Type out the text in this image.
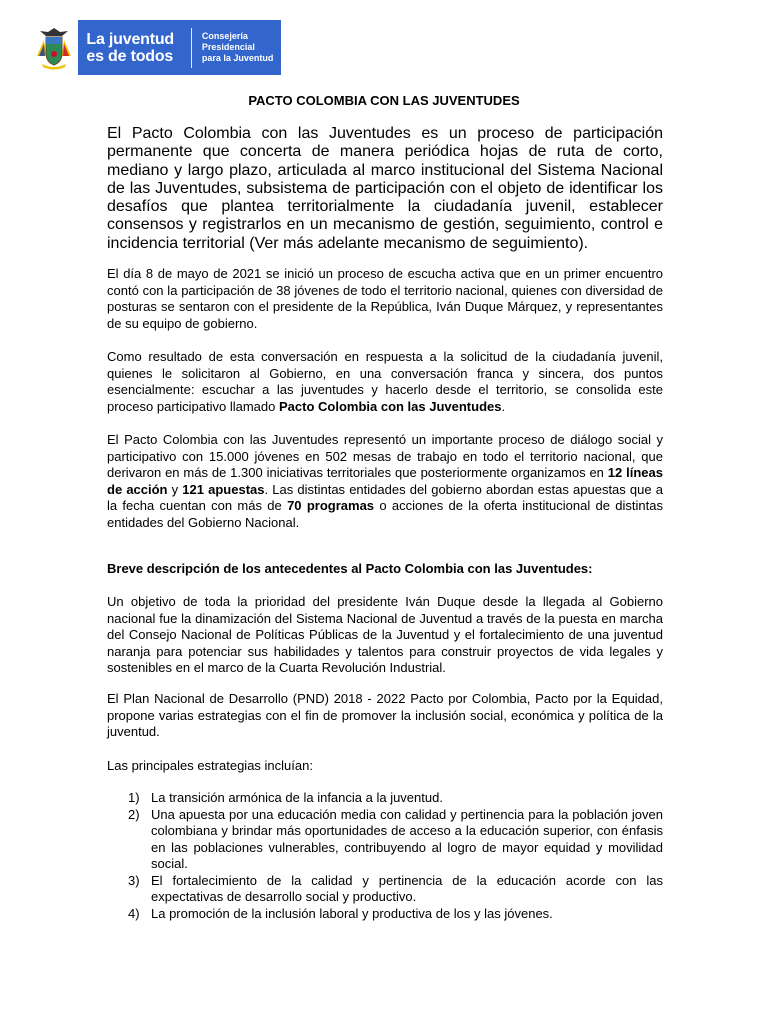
La juventud
es de todos
Consejería
Presidencial
para la Juventud
PACTO COLOMBIA CON LAS JUVENTUDES
El Pacto Colombia con las Juventudes es un proceso de participación permanente que concerta de manera periódica hojas de ruta de corto, mediano y largo plazo, articulada al marco institucional del Sistema Nacional de las Juventudes, subsistema de participación con el objeto de identificar los desafíos que plantea territorialmente la ciudadanía juvenil, establecer consensos y registrarlos en un mecanismo de gestión, seguimiento, control e incidencia territorial (Ver más adelante mecanismo de seguimiento).
El día 8 de mayo de 2021 se inició un proceso de escucha activa que en un primer encuentro contó con la participación de 38 jóvenes de todo el territorio nacional, quienes con diversidad de posturas se sentaron con el presidente de la República, Iván Duque Márquez, y representantes de su equipo de gobierno.
Como resultado de esta conversación en respuesta a la solicitud de la ciudadanía juvenil, quienes le solicitaron al Gobierno, en una conversación franca y sincera, dos puntos esencialmente: escuchar a las juventudes y hacerlo desde el territorio, se consolida este proceso participativo llamado Pacto Colombia con las Juventudes.
El Pacto Colombia con las Juventudes representó un importante proceso de diálogo social y participativo con 15.000 jóvenes en 502 mesas de trabajo en todo el territorio nacional, que derivaron en más de 1.300 iniciativas territoriales que posteriormente organizamos en 12 líneas de acción y 121 apuestas. Las distintas entidades del gobierno abordan estas apuestas que a la fecha cuentan con más de 70 programas o acciones de la oferta institucional de distintas entidades del Gobierno Nacional.
Breve descripción de los antecedentes al Pacto Colombia con las Juventudes:
Un objetivo de toda la prioridad del presidente Iván Duque desde la llegada al Gobierno nacional fue la dinamización del Sistema Nacional de Juventud a través de la puesta en marcha del Consejo Nacional de Políticas Públicas de la Juventud y el fortalecimiento de una juventud naranja para potenciar sus habilidades y talentos para construir proyectos de vida legales y sostenibles en el marco de la Cuarta Revolución Industrial.
El Plan Nacional de Desarrollo (PND) 2018 - 2022 Pacto por Colombia, Pacto por la Equidad, propone varias estrategias con el fin de promover la inclusión social, económica y política de la juventud.
Las principales estrategias incluían:
1) La transición armónica de la infancia a la juventud.
2) Una apuesta por una educación media con calidad y pertinencia para la población joven colombiana y brindar más oportunidades de acceso a la educación superior, con énfasis en las poblaciones vulnerables, contribuyendo al logro de mayor equidad y movilidad social.
3) El fortalecimiento de la calidad y pertinencia de la educación acorde con las expectativas de desarrollo social y productivo.
4) La promoción de la inclusión laboral y productiva de los y las jóvenes.
